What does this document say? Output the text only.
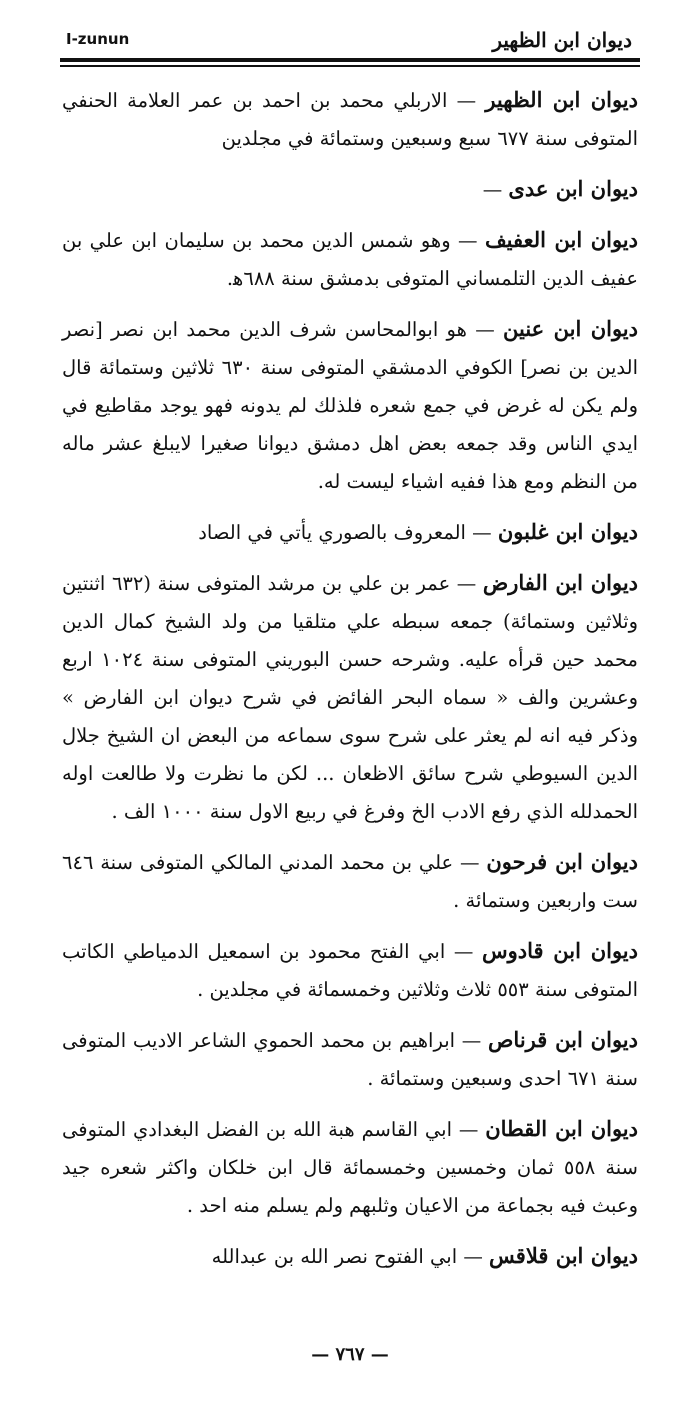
ديوان ابن الظهير
I-zunun

ديوان ابن الظهير — الاربلي محمد بن احمد بن عمر العلامة الحنفي المتوفى سنة ٦٧٧ سبع وسبعين وستمائة في مجلدين

ديوان ابن عدى —

ديوان ابن العفيف — وهو شمس الدين محمد بن سليمان ابن علي بن عفيف الدين التلمساني المتوفى بدمشق سنة ٦٨٨ه‍.

ديوان ابن عنين — هو ابوالمحاسن شرف الدين محمد ابن نصر [نصر الدين بن نصر] الكوفي الدمشقي المتوفى سنة ٦٣٠ ثلاثين وستمائة قال ولم يكن له غرض في جمع شعره فلذلك لم يدونه فهو يوجد مقاطيع في ايدي الناس وقد جمعه بعض اهل دمشق ديوانا صغيرا لايبلغ عشر ماله من النظم ومع هذا ففيه اشياء ليست له.

ديوان ابن غلبون — المعروف بالصوري يأتي في الصاد

ديوان ابن الفارض — عمر بن علي بن مرشد المتوفى سنة (٦٣٢ اثنتين وثلاثين وستمائة) جمعه سبطه علي متلقيا من ولد الشيخ كمال الدين محمد حين قرأه عليه. وشرحه حسن البوريني المتوفى سنة ١٠٢٤ اربع وعشرين والف « سماه البحر الفائض في شرح ديوان ابن الفارض » وذكر فيه انه لم يعثر على شرح سوى سماعه من البعض ان الشيخ جلال الدين السيوطي شرح سائق الاظعان ... لكن ما نظرت ولا طالعت اوله الحمدلله الذي رفع الادب الخ وفرغ في ربيع الاول سنة ١٠٠٠ الف .

ديوان ابن فرحون — علي بن محمد المدني المالكي المتوفى سنة ٦٤٦ ست واربعين وستمائة .

ديوان ابن قادوس — ابي الفتح محمود بن اسمعيل الدمياطي الكاتب المتوفى سنة ٥٥٣ ثلاث وثلاثين وخمسمائة في مجلدين .

ديوان ابن قرناص — ابراهيم بن محمد الحموي الشاعر الاديب المتوفى سنة ٦٧١ احدى وسبعين وستمائة .

ديوان ابن القطان — ابي القاسم هبة الله بن الفضل البغدادي المتوفى سنة ٥٥٨ ثمان وخمسين وخمسمائة قال ابن خلكان واكثر شعره جيد وعبث فيه بجماعة من الاعيان وثلبهم ولم يسلم منه احد .

ديوان ابن قلاقس — ابي الفتوح نصر الله بن عبدالله

— ٧٦٧ —
